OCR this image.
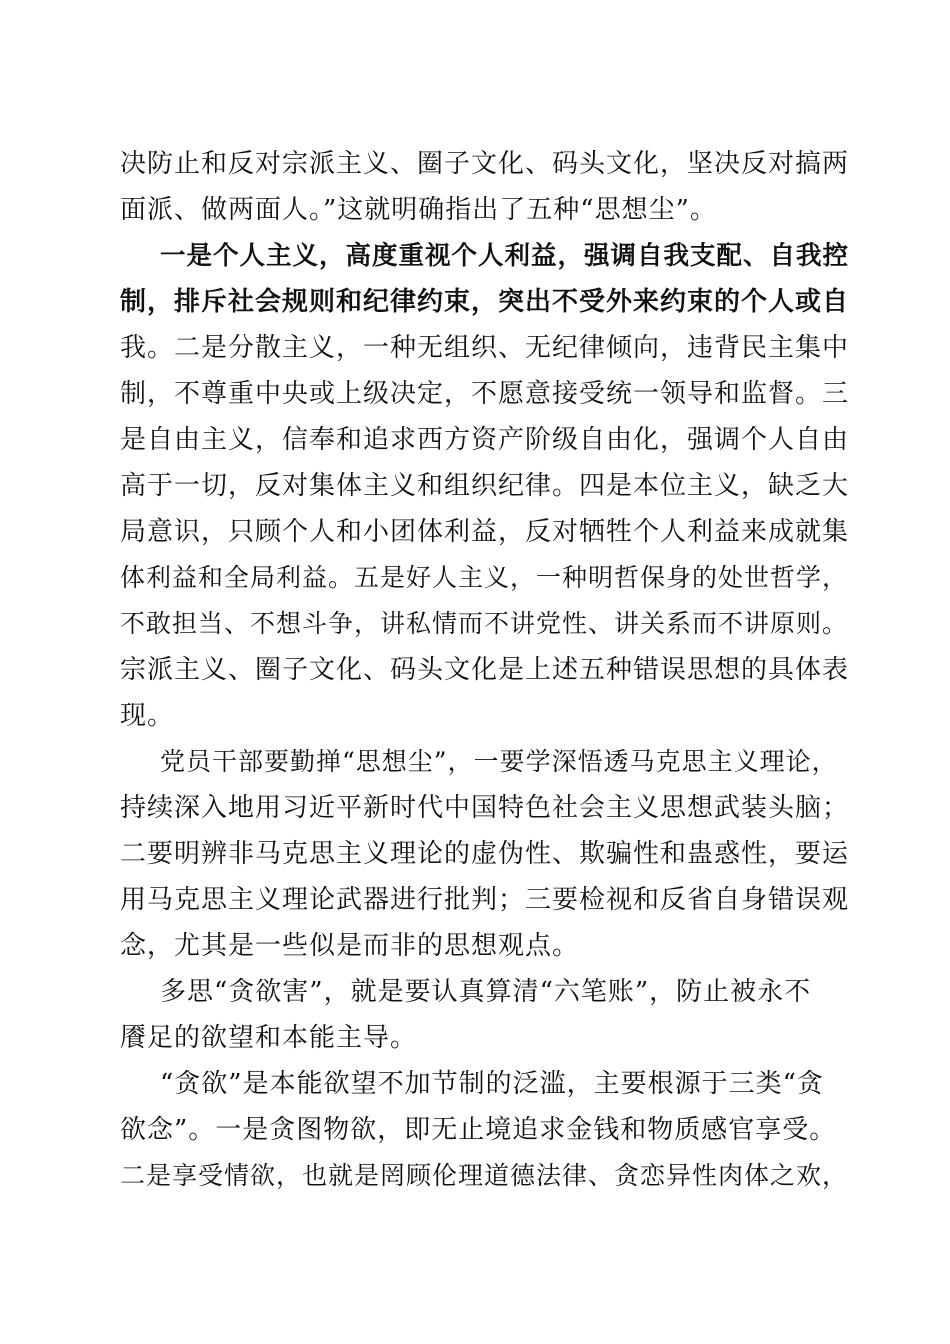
决防止和反对宗派主义、圈子文化、码头文化，坚决反对搞两
面派、做两面人。”这就明确指出了五种“思想尘”。
一是个人主义，高度重视个人利益，强调自我支配、自我控
制，排斥社会规则和纪律约束，突出不受外来约束的个人或自
我。二是分散主义，一种无组织、无纪律倾向，违背民主集中
制，不尊重中央或上级决定，不愿意接受统一领导和监督。三
是自由主义，信奉和追求西方资产阶级自由化，强调个人自由
高于一切，反对集体主义和组织纪律。四是本位主义，缺乏大
局意识，只顾个人和小团体利益，反对牺牲个人利益来成就集
体利益和全局利益。五是好人主义，一种明哲保身的处世哲学，
不敢担当、不想斗争，讲私情而不讲党性、讲关系而不讲原则。
宗派主义、圈子文化、码头文化是上述五种错误思想的具体表
现。
党员干部要勤掸“思想尘”，一要学深悟透马克思主义理论，
持续深入地用习近平新时代中国特色社会主义思想武装头脑；
二要明辨非马克思主义理论的虚伪性、欺骗性和蛊惑性，要运
用马克思主义理论武器进行批判；三要检视和反省自身错误观
念，尤其是一些似是而非的思想观点。
多思“贪欲害”，就是要认真算清“六笔账”，防止被永不
餍足的欲望和本能主导。
“贪欲”是本能欲望不加节制的泛滥，主要根源于三类“贪
欲念”。一是贪图物欲，即无止境追求金钱和物质感官享受。
二是享受情欲，也就是罔顾伦理道德法律、贪恋异性肉体之欢，
